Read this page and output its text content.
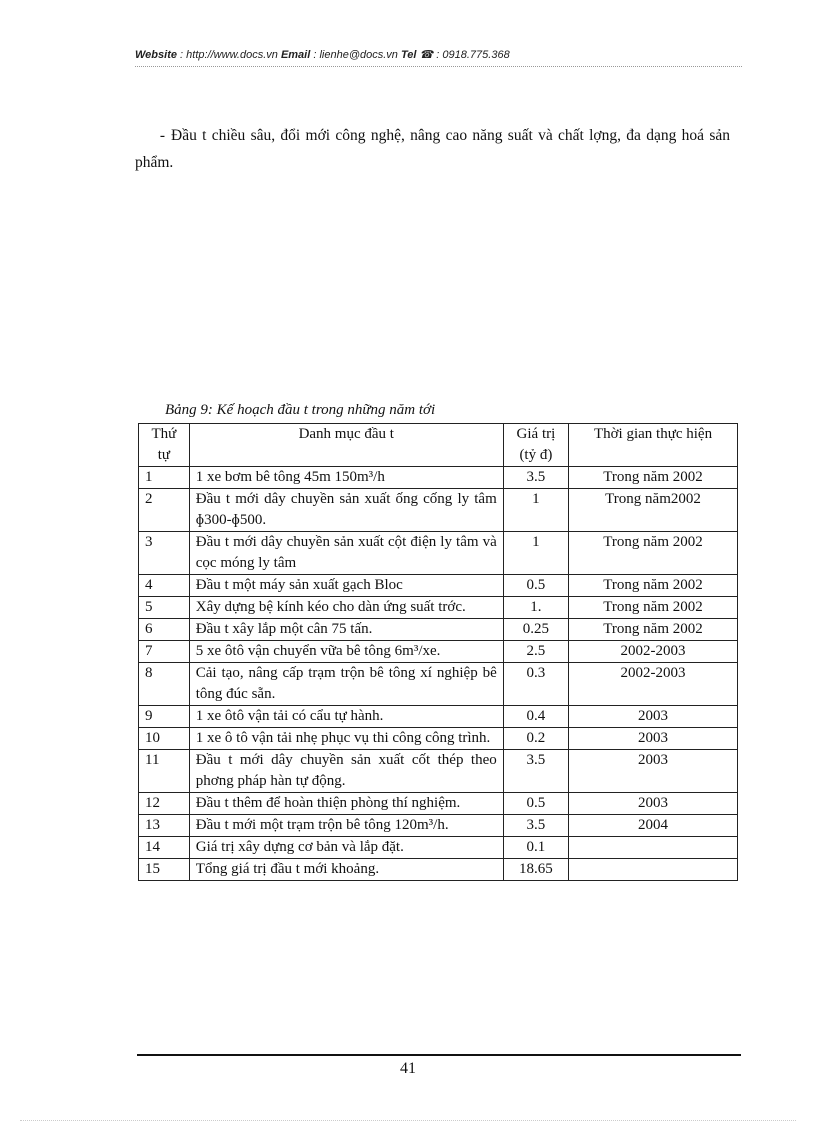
Website : http://www.docs.vn Email : lienhe@docs.vn Tel ☎ : 0918.775.368
- Đầu t chiều sâu, đổi mới công nghệ, nâng cao năng suất và chất lợng, đa dạng hoá sản phẩm.
Bảng 9: Kế hoạch đầu t trong những năm tới
Thứ tự	Danh mục đầu t	Giá trị (tỷ đ)	Thời gian thực hiện
1	1 xe bơm bê tông 45m 150m³/h	3.5	Trong năm 2002
2	Đầu t mới dây chuyền sản xuất ống cống ly tâm ɸ300-ɸ500.	1	Trong năm2002
3	Đầu t mới dây chuyền sản xuất cột điện ly tâm và cọc móng ly tâm	1	Trong năm 2002
4	Đầu t một máy sản xuất gạch Bloc	0.5	Trong năm 2002
5	Xây dựng bệ kính kéo cho dàn ứng suất trớc.	1.	Trong năm 2002
6	Đầu t xây lắp một cân 75 tấn.	0.25	Trong năm 2002
7	5 xe ôtô vận chuyển vữa bê tông 6m³/xe.	2.5	2002-2003
8	Cải tạo, nâng cấp trạm trộn bê tông xí nghiệp bê tông đúc sẵn.	0.3	2002-2003
9	1 xe ôtô vận tải có cẩu tự hành.	0.4	2003
10	1 xe ô tô vận tải nhẹ phục vụ thi công công trình.	0.2	2003
11	Đầu t mới dây chuyền sản xuất cốt thép theo phơng pháp hàn tự động.	3.5	2003
12	Đầu t thêm để hoàn thiện phòng thí nghiệm.	0.5	2003
13	Đầu t mới một trạm trộn bê tông 120m³/h.	3.5	2004
14	Giá trị xây dựng cơ bản và lắp đặt.	0.1	
15	Tổng giá trị đầu t mới khoảng.	18.65	
41
